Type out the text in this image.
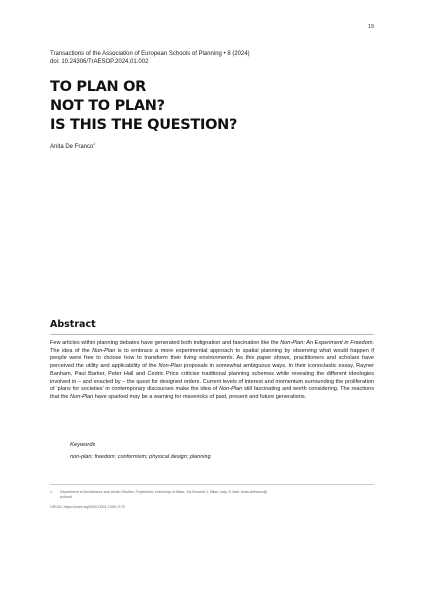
19
Transactions of the Association of European Schools of Planning • 8 (2024)
doi: 10.24306/TrAESOP.2024.01.002
TO PLAN OR
NOT TO PLAN?
IS THIS THE QUESTION?
Anita De Franco$^1$
Abstract
Few articles within planning debates have generated both indignation and fascination like the Non-Plan: An Experiment in Freedom. The idea of the Non-Plan is to embrace a more experimental approach to spatial planning by observing what would happen if people were free to choose how to transform their living environments. As this paper shows, practitioners and scholars have perceived the utility and applicability of the Non-Plan proposals in somewhat ambiguous ways. In their iconoclastic essay, Rayner Banham, Paul Barker, Peter Hall and Cedric Price criticise traditional planning schemes while revealing the different ideologies involved in – and enacted by – the quest for designed orders. Current levels of interest and momentum surrounding the proliferation of ‘plans for societies’ in contemporary discourses make the idea of Non-Plan still fascinating and worth considering. The reactions that the Non-Plan have sparked may be a warning for mavericks of past, present and future generations.
Keywords
non-plan; freedom; conformism; physical design; planning
1 Department of Architecture and Urban Studies, Polytechnic University of Milan, Via Bonardi 3, Milan, Italy. E-Mail: anita.defranco@
polimi.it
ORCID: https://orcid.org/0000-0001-7399-7170
